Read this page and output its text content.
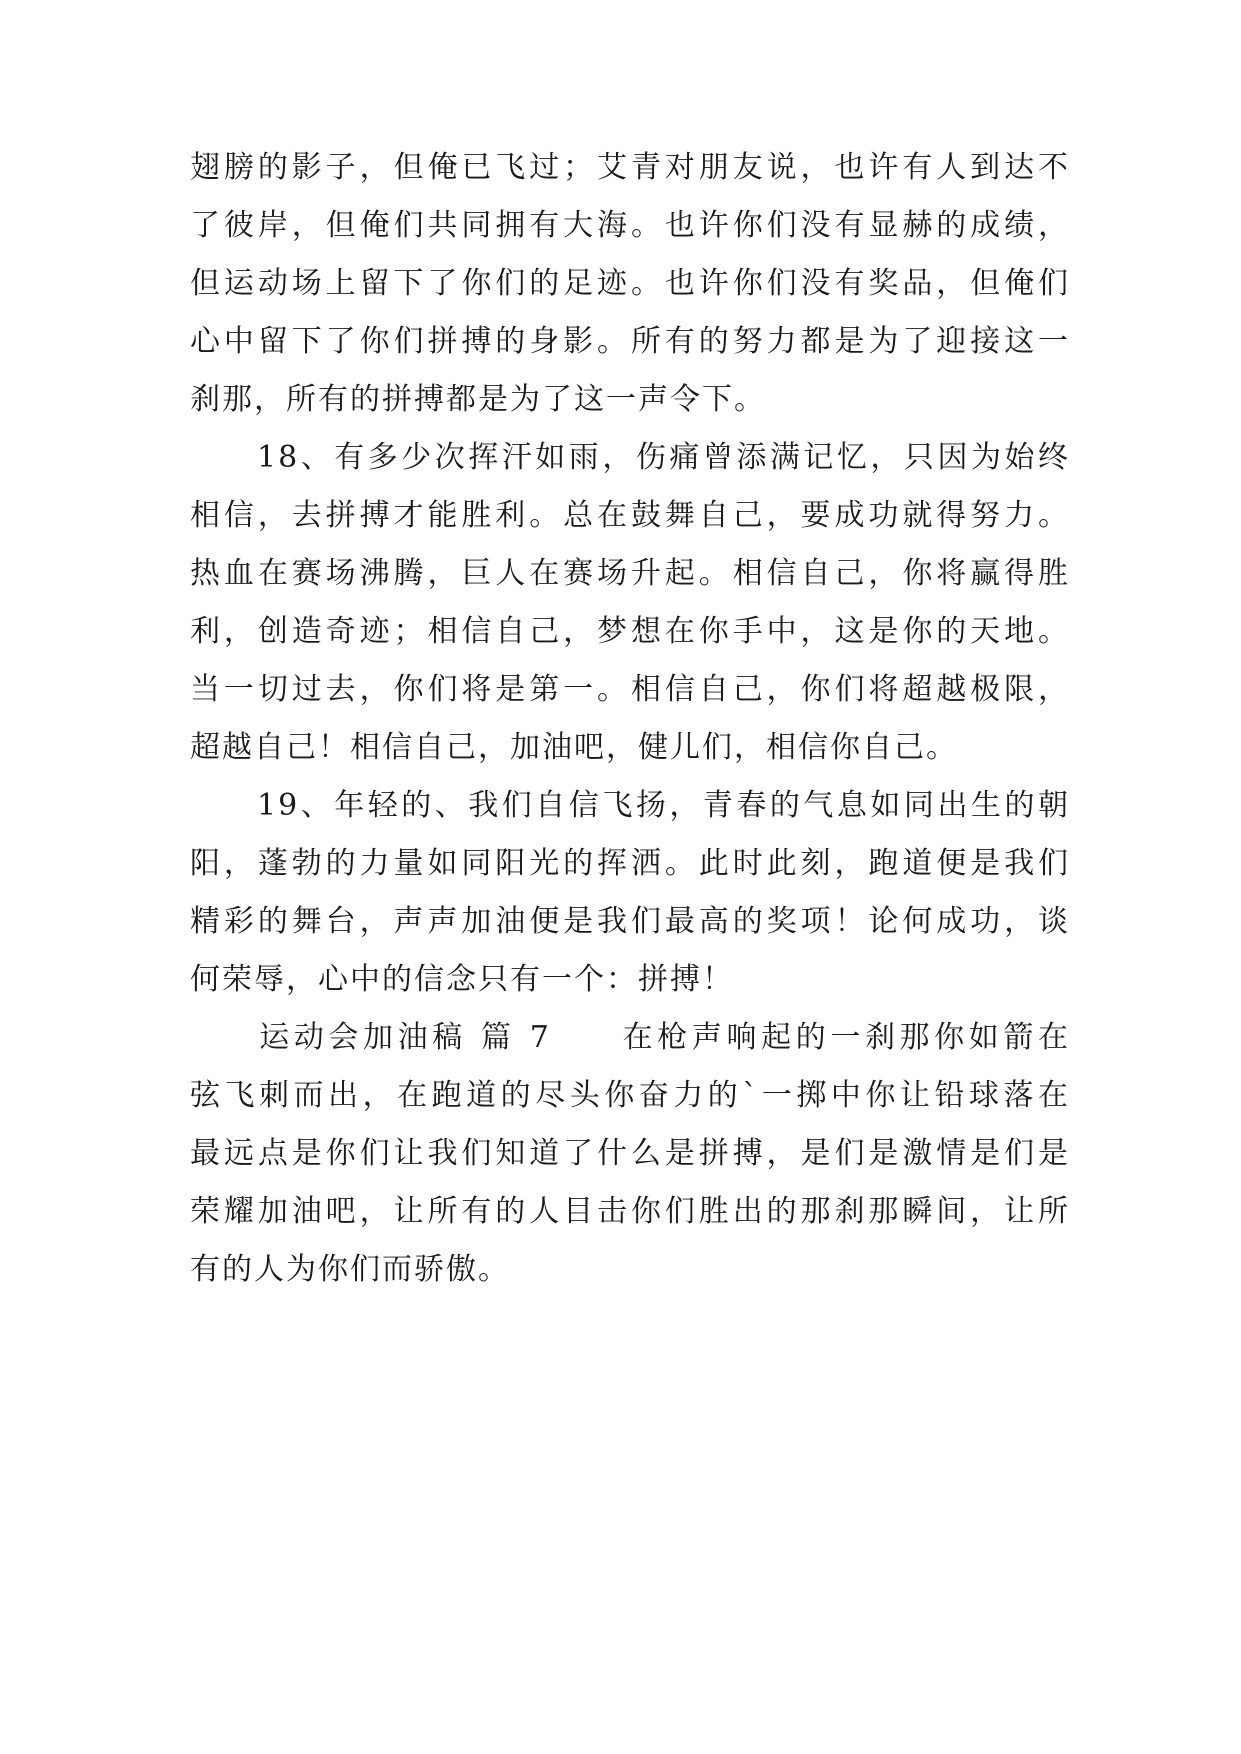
翅膀的影子，但俺已飞过；艾青对朋友说，也许有人到达不
了彼岸，但俺们共同拥有大海。也许你们没有显赫的成绩，
但运动场上留下了你们的足迹。也许你们没有奖品，但俺们
心中留下了你们拼搏的身影。所有的努力都是为了迎接这一
刹那，所有的拼搏都是为了这一声令下。
　　18、有多少次挥汗如雨，伤痛曾添满记忆，只因为始终
相信，去拼搏才能胜利。总在鼓舞自己，要成功就得努力。
热血在赛场沸腾，巨人在赛场升起。相信自己，你将赢得胜
利，创造奇迹；相信自己，梦想在你手中，这是你的天地。
当一切过去，你们将是第一。相信自己，你们将超越极限，
超越自己！相信自己，加油吧，健儿们，相信你自己。
　　19、年轻的、我们自信飞扬，青春的气息如同出生的朝
阳，蓬勃的力量如同阳光的挥洒。此时此刻，跑道便是我们
精彩的舞台，声声加油便是我们最高的奖项！论何成功，谈
何荣辱，心中的信念只有一个：拼搏！
　　运动会加油稿 篇 7　　在枪声响起的一刹那你如箭在
弦飞刺而出，在跑道的尽头你奋力的`一掷中你让铅球落在
最远点是你们让我们知道了什么是拼搏，是们是激情是们是
荣耀加油吧，让所有的人目击你们胜出的那刹那瞬间，让所
有的人为你们而骄傲。
